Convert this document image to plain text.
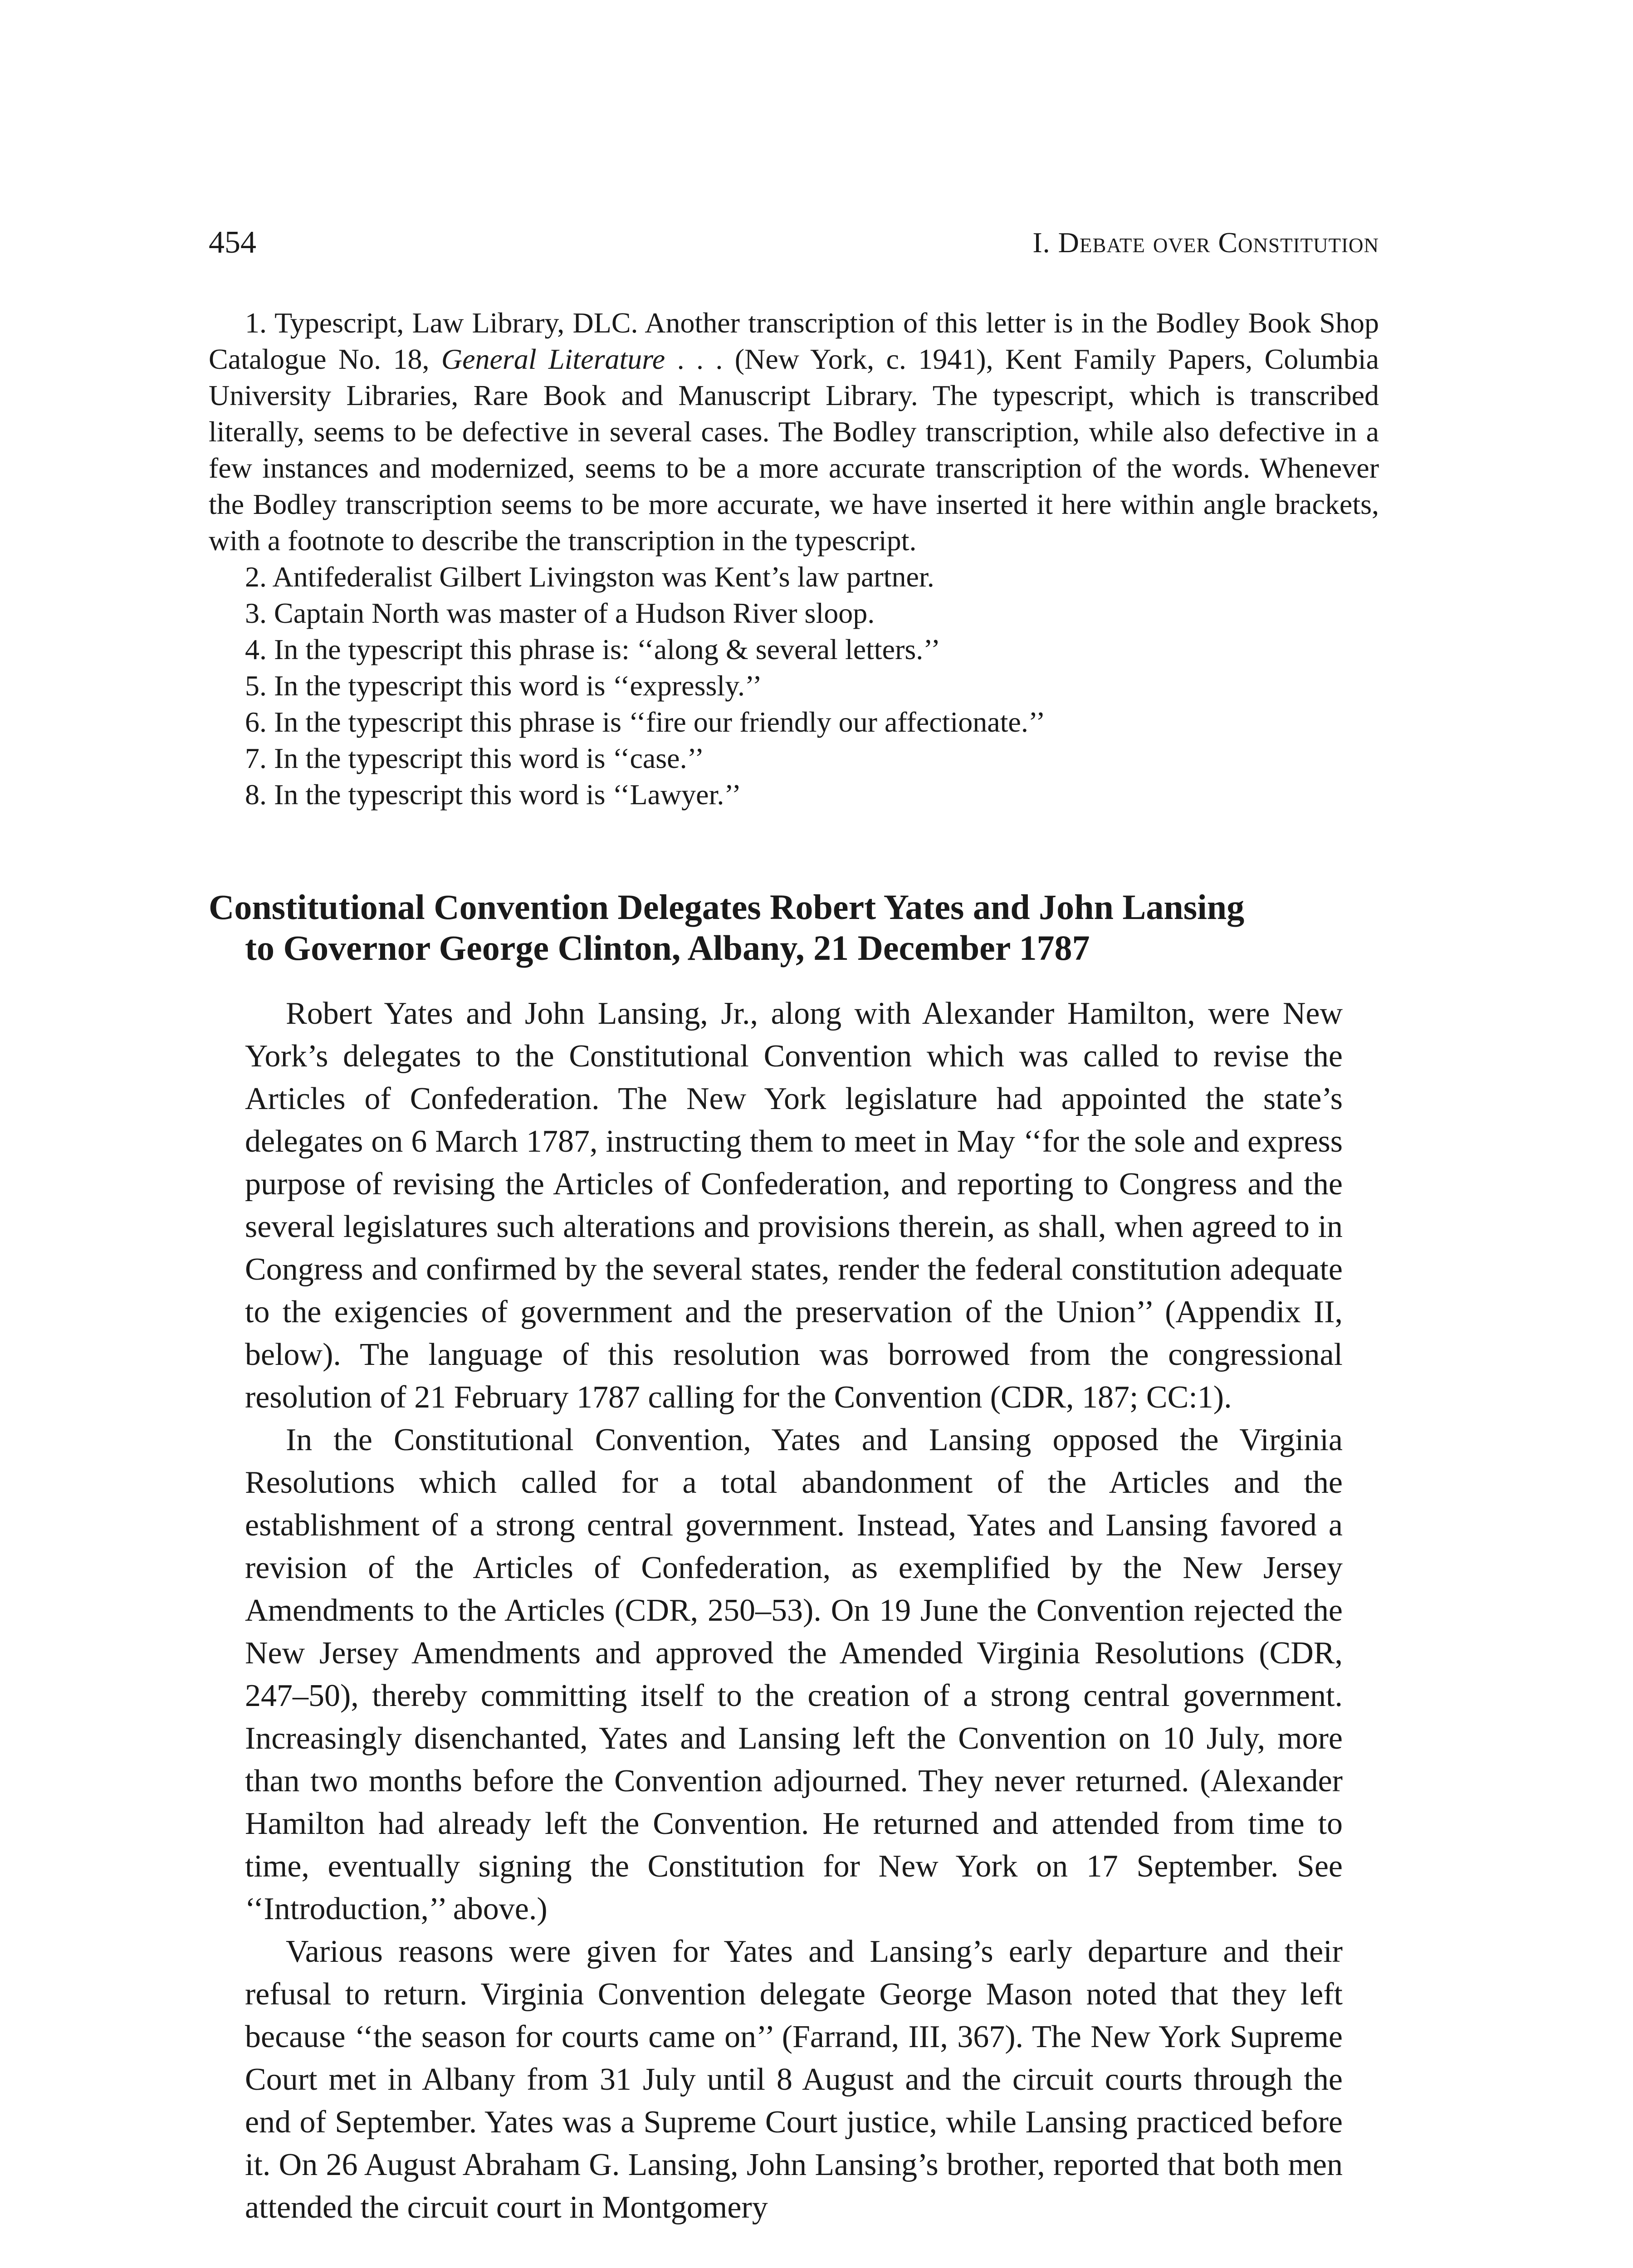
454	I. Debate over Constitution

1. Typescript, Law Library, DLC. Another transcription of this letter is in the Bodley Book Shop Catalogue No. 18, General Literature . . . (New York, c. 1941), Kent Family Papers, Columbia University Libraries, Rare Book and Manuscript Library. The typescript, which is transcribed literally, seems to be defective in several cases. The Bodley transcription, while also defective in a few instances and modernized, seems to be a more accurate transcription of the words. Whenever the Bodley transcription seems to be more accurate, we have inserted it here within angle brackets, with a footnote to describe the transcription in the typescript.

2. Antifederalist Gilbert Livingston was Kent’s law partner.

3. Captain North was master of a Hudson River sloop.

4. In the typescript this phrase is: ‘‘along & several letters.’’

5. In the typescript this word is ‘‘expressly.’’

6. In the typescript this phrase is ‘‘fire our friendly our affectionate.’’

7. In the typescript this word is ‘‘case.’’

8. In the typescript this word is ‘‘Lawyer.’’

Constitutional Convention Delegates Robert Yates and John Lansing
to Governor George Clinton, Albany, 21 December 1787

Robert Yates and John Lansing, Jr., along with Alexander Hamilton, were New York’s delegates to the Constitutional Convention which was called to revise the Articles of Confederation. The New York legislature had appointed the state’s delegates on 6 March 1787, instructing them to meet in May ‘‘for the sole and express purpose of revising the Articles of Confederation, and reporting to Congress and the several legislatures such alterations and provisions therein, as shall, when agreed to in Congress and confirmed by the several states, render the federal constitution adequate to the exigencies of government and the preservation of the Union’’ (Appendix II, below). The language of this resolution was borrowed from the congressional resolution of 21 February 1787 calling for the Convention (CDR, 187; CC:1).

In the Constitutional Convention, Yates and Lansing opposed the Virginia Resolutions which called for a total abandonment of the Articles and the establishment of a strong central government. Instead, Yates and Lansing favored a revision of the Articles of Confederation, as exemplified by the New Jersey Amendments to the Articles (CDR, 250–53). On 19 June the Convention rejected the New Jersey Amendments and approved the Amended Virginia Resolutions (CDR, 247–50), thereby committing itself to the creation of a strong central government. Increasingly disenchanted, Yates and Lansing left the Convention on 10 July, more than two months before the Convention adjourned. They never returned. (Alexander Hamilton had already left the Convention. He returned and attended from time to time, eventually signing the Constitution for New York on 17 September. See ‘‘Introduction,’’ above.)

Various reasons were given for Yates and Lansing’s early departure and their refusal to return. Virginia Convention delegate George Mason noted that they left because ‘‘the season for courts came on’’ (Farrand, III, 367). The New York Supreme Court met in Albany from 31 July until 8 August and the circuit courts through the end of September. Yates was a Supreme Court justice, while Lansing practiced before it. On 26 August Abraham G. Lansing, John Lansing’s brother, reported that both men attended the circuit court in Montgomery
